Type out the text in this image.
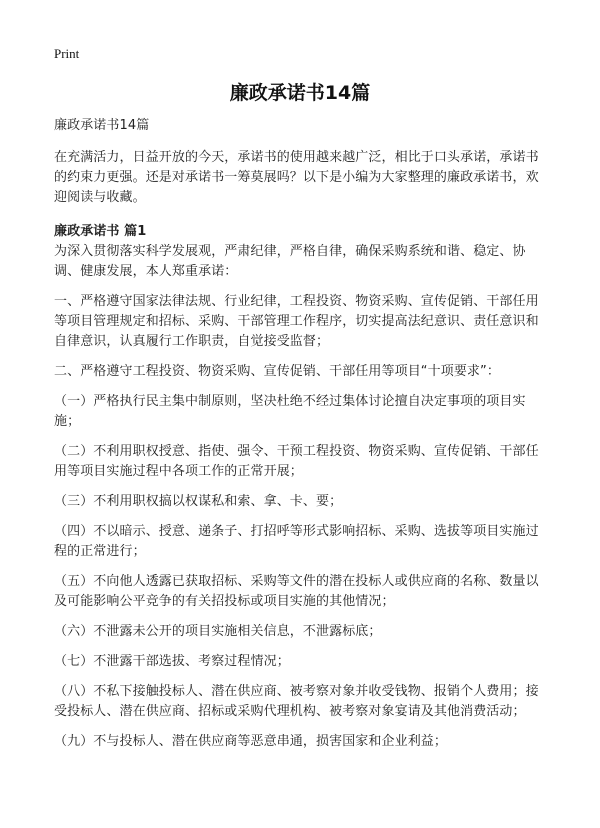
Print
廉政承诺书14篇

廉政承诺书14篇

在充满活力，日益开放的今天，承诺书的使用越来越广泛，相比于口头承诺，承诺书的约束力更强。还是对承诺书一筹莫展吗？以下是小编为大家整理的廉政承诺书，欢迎阅读与收藏。

廉政承诺书 篇1

为深入贯彻落实科学发展观，严肃纪律，严格自律，确保采购系统和谐、稳定、协调、健康发展，本人郑重承诺：

一、严格遵守国家法律法规、行业纪律，工程投资、物资采购、宣传促销、干部任用等项目管理规定和招标、采购、干部管理工作程序，切实提高法纪意识、责任意识和自律意识，认真履行工作职责，自觉接受监督；

二、严格遵守工程投资、物资采购、宣传促销、干部任用等项目“十项要求”：

（一）严格执行民主集中制原则，坚决杜绝不经过集体讨论擅自决定事项的项目实施；

（二）不利用职权授意、指使、强令、干预工程投资、物资采购、宣传促销、干部任用等项目实施过程中各项工作的正常开展；

（三）不利用职权搞以权谋私和索、拿、卡、要；

（四）不以暗示、授意、递条子、打招呼等形式影响招标、采购、选拔等项目实施过程的正常进行；

（五）不向他人透露已获取招标、采购等文件的潜在投标人或供应商的名称、数量以及可能影响公平竞争的有关招投标或项目实施的其他情况；

（六）不泄露未公开的项目实施相关信息，不泄露标底；

（七）不泄露干部选拔、考察过程情况；

（八）不私下接触投标人、潜在供应商、被考察对象并收受钱物、报销个人费用；接受投标人、潜在供应商、招标或采购代理机构、被考察对象宴请及其他消费活动；

（九）不与投标人、潜在供应商等恶意串通，损害国家和企业利益；
